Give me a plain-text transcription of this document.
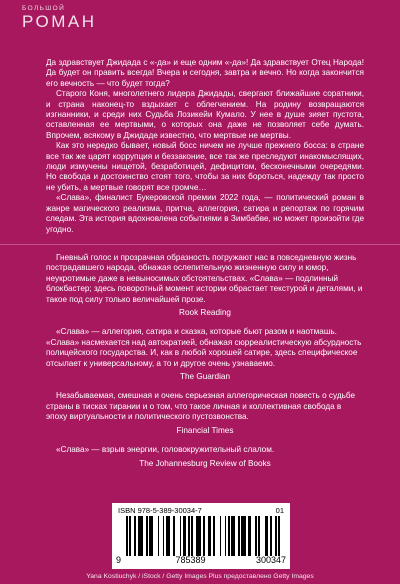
БОЛЬШОЙ
РОМАН

Да здравствует Джидада с «-да» и еще одним «-да»! Да здравствует Отец Народа! Да будет он править всегда! Вчера и сегодня, завтра и вечно. Но когда закончится его вечность — что будет тогда?

Старого Коня, многолетнего лидера Джидады, свергают ближайшие соратники, и страна наконец-то вздыхает с облегчением. На родину возвращаются изгнанники, и среди них Судьба Лозикейи Кумало. У нее в душе зияет пустота, оставленная ее мертвыми, о которых она даже не позволяет себе думать. Впрочем, всякому в Джидаде известно, что мертвые не мертвы.

Как это нередко бывает, новый босс ничем не лучше прежнего босса: в стране все так же царят коррупция и беззаконие, все так же преследуют инакомыслящих, люди измучены нищетой, безработицей, дефицитом, бесконечными очередями. Но свобода и достоинство стоят того, чтобы за них бороться, надежду так просто не убить, а мертвые говорят все громче…

«Слава», финалист Букеровской премии 2022 года, — политический роман в жанре магического реализма, притча, аллегория, сатира и репортаж по горячим следам. Эта история вдохновлена событиями в Зимбабве, но может произойти где угодно.

Гневный голос и прозрачная образность погружают нас в повседневную жизнь пострадавшего народа, обнажая ослепительную жизненную силу и юмор, неукротимые даже в невыносимых обстоятельствах. «Слава» — подлинный блокбастер; здесь поворотный момент истории обрастает текстурой и деталями, и такое под силу только величайшей прозе.

Rook Reading

«Слава» — аллегория, сатира и сказка, которые бьют разом и наотмашь. «Слава» насмехается над автократией, обнажая сюрреалистическую абсурдность полицейского государства. И, как в любой хорошей сатире, здесь специфическое отсылает к универсальному, а то и другое очень узнаваемо.

The Guardian

Незабываемая, смешная и очень серьезная аллегорическая повесть о судьбе страны в тисках тирании и о том, что такое личная и коллективная свобода в эпоху виртуальности и политического пустозвонства.

Financial Times

«Слава» — взрыв энергии, головокружительный слалом.

The Johannesburg Review of Books

ISBN 978-5-389-30034-7	01
9	785389	300347
Yana Kostiuchyk / iStock / Getty Images Plus предоставлено Getty Images
